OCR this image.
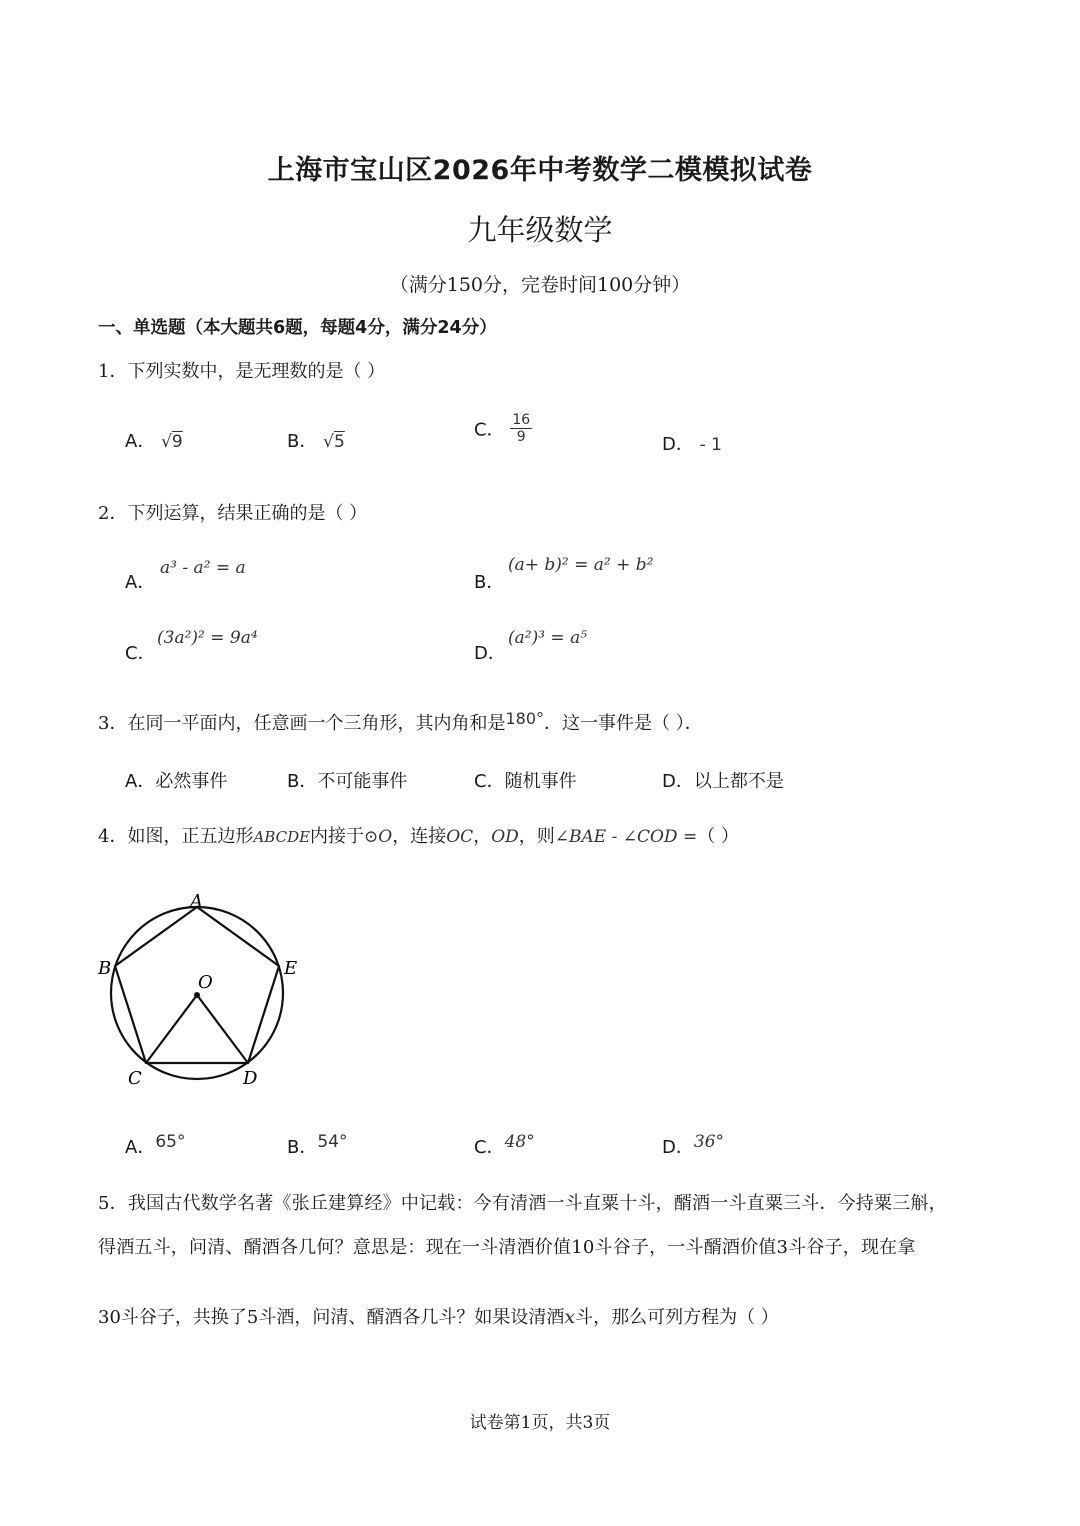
上海市宝山区2026年中考数学二模模拟试卷
九年级数学
（满分150分，完卷时间100分钟）
一、单选题（本大题共6题，每题4分，满分24分）
1．下列实数中，是无理数的是（ ）
A． √9	B． √5
C． $\frac{16}{9}$	D． - 1
2．下列运算，结果正确的是（ ）
A．
a³ - a² = a
B．
(a+ b)² = a² + b²
C．
(3a²)² = 9a⁴
D．
(a²)³ = a⁵
3．在同一平面内，任意画一个三角形，其内角和是180°．这一事件是（ ）．
A．必然事件	B．不可能事件	C．随机事件	D．以上都不是
4．如图，正五边形ABCDE内接于⊙O，连接OC，OD，则∠BAE - ∠COD =（ ）
A
B
C	D
E
O
A．65°	B．54°	C．48°	D．36°
5．我国古代数学名著《张丘建算经》中记载：今有清酒一斗直粟十斗，醑酒一斗直粟三斗．今持粟三斛，
得酒五斗，问清、醑酒各几何？意思是：现在一斗清酒价值10斗谷子，一斗醑酒价值3斗谷子，现在拿
30斗谷子，共换了5斗酒，问清、醑酒各几斗？如果设清酒x斗，那么可列方程为（ ）
试卷第1页，共3页
